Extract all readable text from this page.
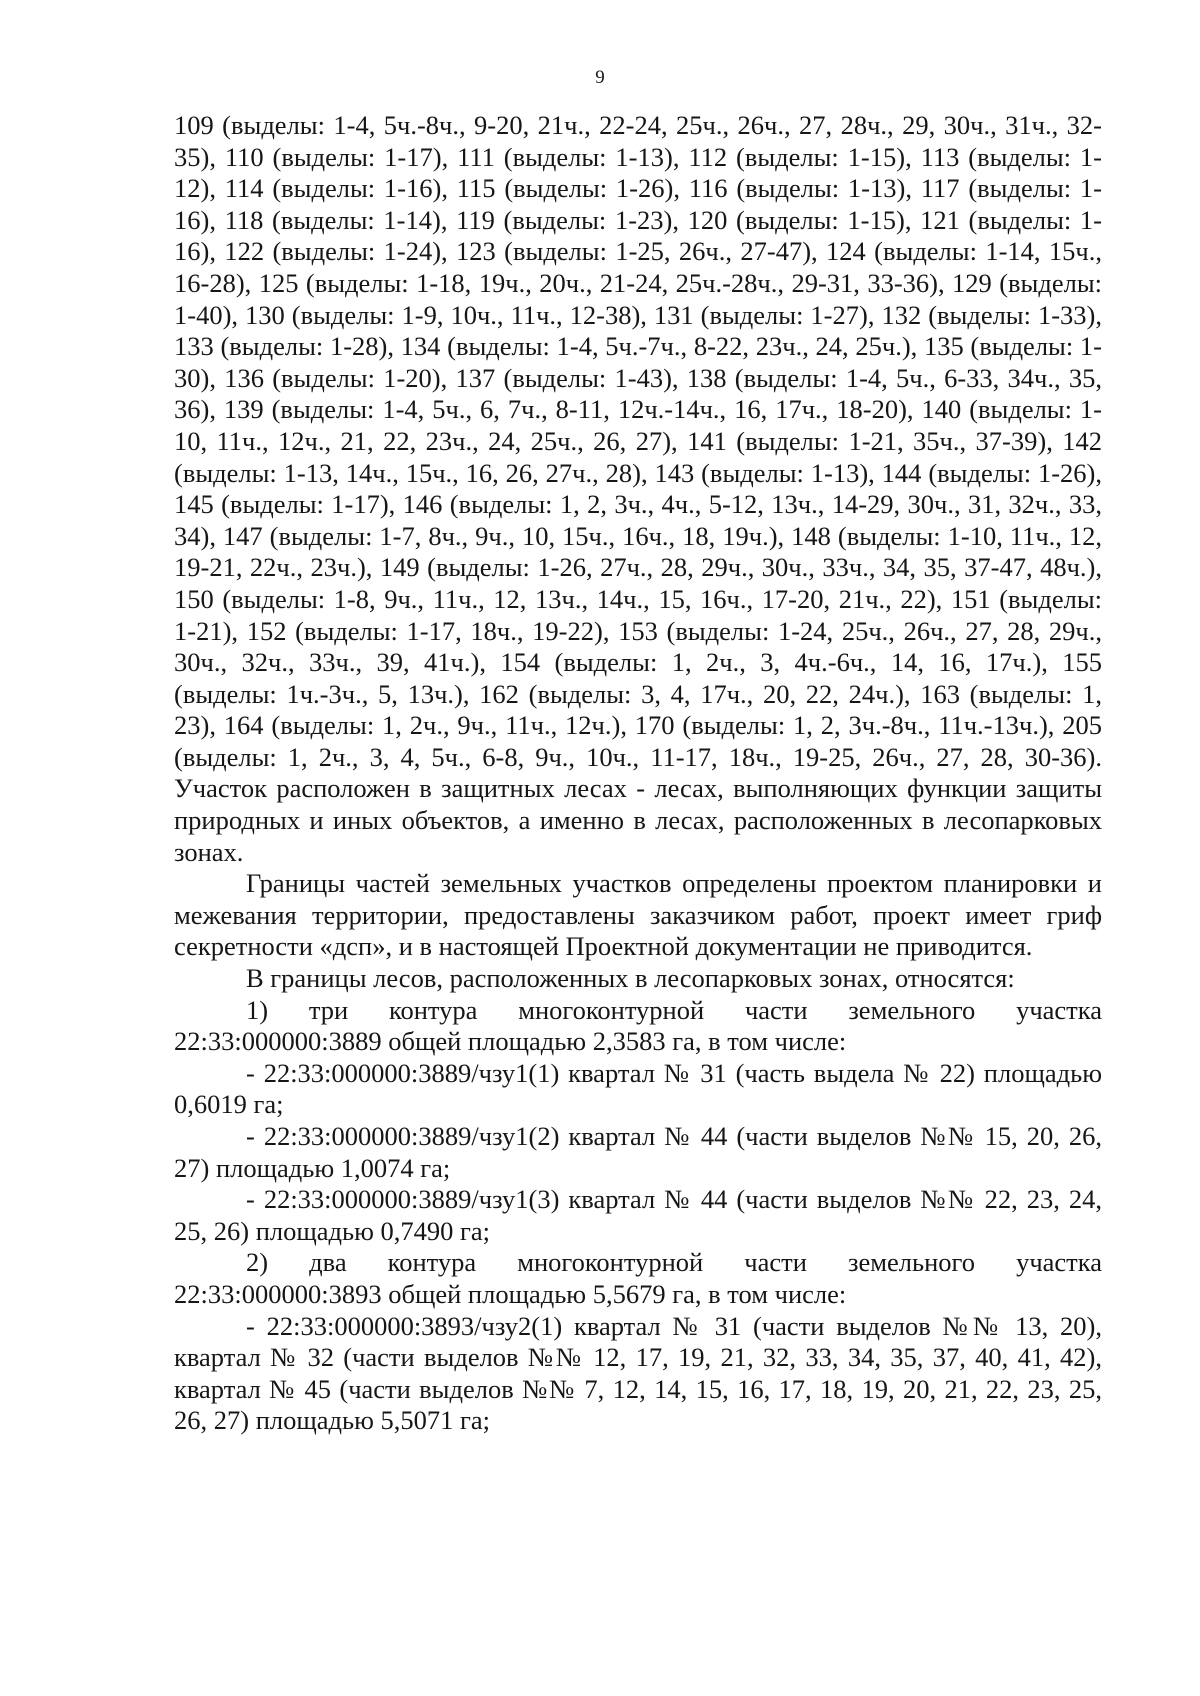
9

109 (выделы: 1-4, 5ч.-8ч., 9-20, 21ч., 22-24, 25ч., 26ч., 27, 28ч., 29, 30ч., 31ч., 32-35), 110 (выделы: 1-17), 111 (выделы: 1-13), 112 (выделы: 1-15), 113 (выделы: 1-12), 114 (выделы: 1-16), 115 (выделы: 1-26), 116 (выделы: 1-13), 117 (выделы: 1-16), 118 (выделы: 1-14), 119 (выделы: 1-23), 120 (выделы: 1-15), 121 (выделы: 1-16), 122 (выделы: 1-24), 123 (выделы: 1-25, 26ч., 27-47), 124 (выделы: 1-14, 15ч., 16-28), 125 (выделы: 1-18, 19ч., 20ч., 21-24, 25ч.-28ч., 29-31, 33-36), 129 (выделы: 1-40), 130 (выделы: 1-9, 10ч., 11ч., 12-38), 131 (выделы: 1-27), 132 (выделы: 1-33), 133 (выделы: 1-28), 134 (выделы: 1-4, 5ч.-7ч., 8-22, 23ч., 24, 25ч.), 135 (выделы: 1-30), 136 (выделы: 1-20), 137 (выделы: 1-43), 138 (выделы: 1-4, 5ч., 6-33, 34ч., 35, 36), 139 (выделы: 1-4, 5ч., 6, 7ч., 8-11, 12ч.-14ч., 16, 17ч., 18-20), 140 (выделы: 1-10, 11ч., 12ч., 21, 22, 23ч., 24, 25ч., 26, 27), 141 (выделы: 1-21, 35ч., 37-39), 142 (выделы: 1-13, 14ч., 15ч., 16, 26, 27ч., 28), 143 (выделы: 1-13), 144 (выделы: 1-26), 145 (выделы: 1-17), 146 (выделы: 1, 2, 3ч., 4ч., 5-12, 13ч., 14-29, 30ч., 31, 32ч., 33, 34), 147 (выделы: 1-7, 8ч., 9ч., 10, 15ч., 16ч., 18, 19ч.), 148 (выделы: 1-10, 11ч., 12, 19-21, 22ч., 23ч.), 149 (выделы: 1-26, 27ч., 28, 29ч., 30ч., 33ч., 34, 35, 37-47, 48ч.), 150 (выделы: 1-8, 9ч., 11ч., 12, 13ч., 14ч., 15, 16ч., 17-20, 21ч., 22), 151 (выделы: 1-21), 152 (выделы: 1-17, 18ч., 19-22), 153 (выделы: 1-24, 25ч., 26ч., 27, 28, 29ч., 30ч., 32ч., 33ч., 39, 41ч.), 154 (выделы: 1, 2ч., 3, 4ч.-6ч., 14, 16, 17ч.), 155 (выделы: 1ч.-3ч., 5, 13ч.), 162 (выделы: 3, 4, 17ч., 20, 22, 24ч.), 163 (выделы: 1, 23), 164 (выделы: 1, 2ч., 9ч., 11ч., 12ч.), 170 (выделы: 1, 2, 3ч.-8ч., 11ч.-13ч.), 205 (выделы: 1, 2ч., 3, 4, 5ч., 6-8, 9ч., 10ч., 11-17, 18ч., 19-25, 26ч., 27, 28, 30-36). Участок расположен в защитных лесах - лесах, выполняющих функции защиты природных и иных объектов, а именно в лесах, расположенных в лесопарковых зонах.

Границы частей земельных участков определены проектом планировки и межевания территории, предоставлены заказчиком работ, проект имеет гриф секретности «дсп», и в настоящей Проектной документации не приводится.

В границы лесов, расположенных в лесопарковых зонах, относятся:

1) три контура многоконтурной части земельного участка 22:33:000000:3889 общей площадью 2,3583 га, в том числе:

- 22:33:000000:3889/чзу1(1) квартал № 31 (часть выдела № 22) площадью 0,6019 га;

- 22:33:000000:3889/чзу1(2) квартал № 44 (части выделов №№ 15, 20, 26, 27) площадью 1,0074 га;

- 22:33:000000:3889/чзу1(3) квартал № 44 (части выделов №№ 22, 23, 24, 25, 26) площадью 0,7490 га;

2) два контура многоконтурной части земельного участка 22:33:000000:3893 общей площадью 5,5679 га, в том числе:

- 22:33:000000:3893/чзу2(1) квартал № 31 (части выделов №№ 13, 20), квартал № 32 (части выделов №№ 12, 17, 19, 21, 32, 33, 34, 35, 37, 40, 41, 42), квартал № 45 (части выделов №№ 7, 12, 14, 15, 16, 17, 18, 19, 20, 21, 22, 23, 25, 26, 27) площадью 5,5071 га;
